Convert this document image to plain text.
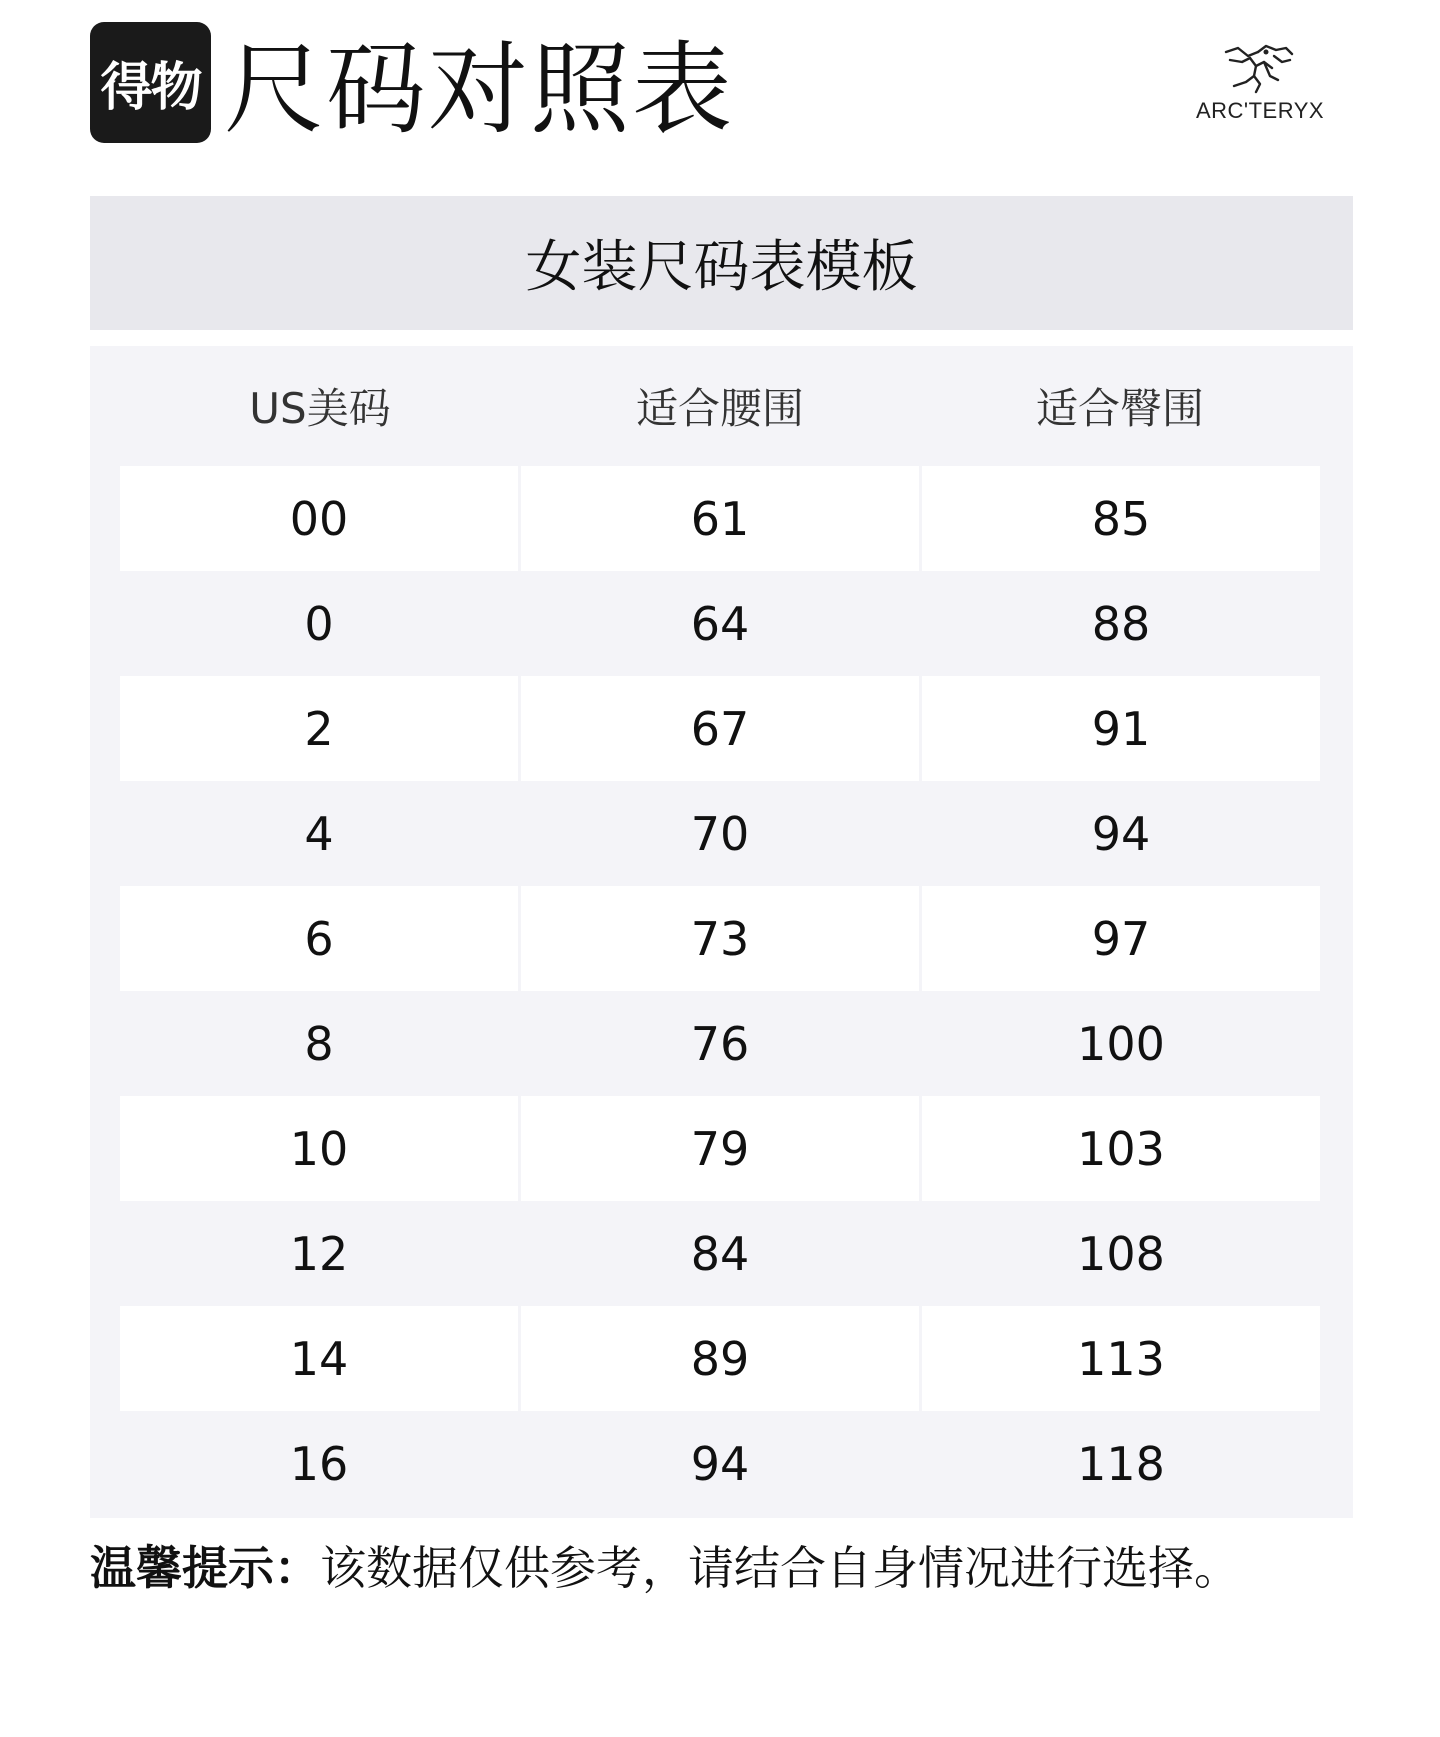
得物 尺码对照表	ARC'TERYX
女装尺码表模板
US美码	适合腰围	适合臀围
00	61	85
0	64	88
2	67	91
4	70	94
6	73	97
8	76	100
10	79	103
12	84	108
14	89	113
16	94	118
温馨提示：该数据仅供参考，请结合自身情况进行选择。
